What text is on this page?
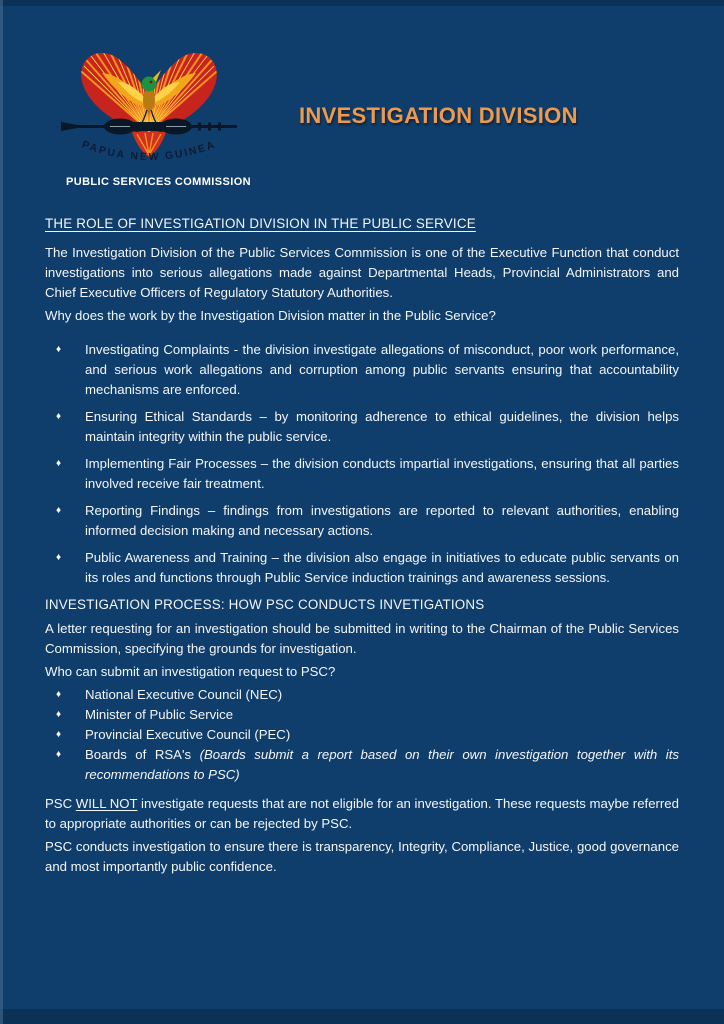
PAPUA NEW GUINEA
PUBLIC SERVICES COMMISSION
INVESTIGATION DIVISION
THE ROLE OF INVESTIGATION DIVISION IN THE PUBLIC SERVICE

The Investigation Division of the Public Services Commission is one of the Executive Function that conduct investigations into serious allegations made against Departmental Heads, Provincial Administrators and Chief Executive Officers of Regulatory Statutory Authorities.

Why does the work by the Investigation Division matter in the Public Service?

♦	Investigating Complaints - the division investigate allegations of misconduct, poor work performance, and serious work allegations and corruption among public servants ensuring that accountability mechanisms are enforced.
♦	Ensuring Ethical Standards – by monitoring adherence to ethical guidelines, the division helps maintain integrity within the public service.
♦	Implementing Fair Processes – the division conducts impartial investigations, ensuring that all parties involved receive fair treatment.
♦	Reporting Findings – findings from investigations are reported to relevant authorities, enabling informed decision making and necessary actions.
♦	Public Awareness and Training – the division also engage in initiatives to educate public servants on its roles and functions through Public Service induction trainings and awareness sessions.
INVESTIGATION PROCESS: HOW PSC CONDUCTS INVETIGATIONS

A letter requesting for an investigation should be submitted in writing to the Chairman of the Public Services Commission, specifying the grounds for investigation.

Who can submit an investigation request to PSC?

♦	National Executive Council (NEC)
♦	Minister of Public Service
♦	Provincial Executive Council (PEC)
♦	Boards of RSA's (Boards submit a report based on their own investigation together with its recommendations to PSC)

PSC WILL NOT investigate requests that are not eligible for an investigation. These requests maybe referred to appropriate authorities or can be rejected by PSC.

PSC conducts investigation to ensure there is transparency, Integrity, Compliance, Justice, good governance and most importantly public confidence.
